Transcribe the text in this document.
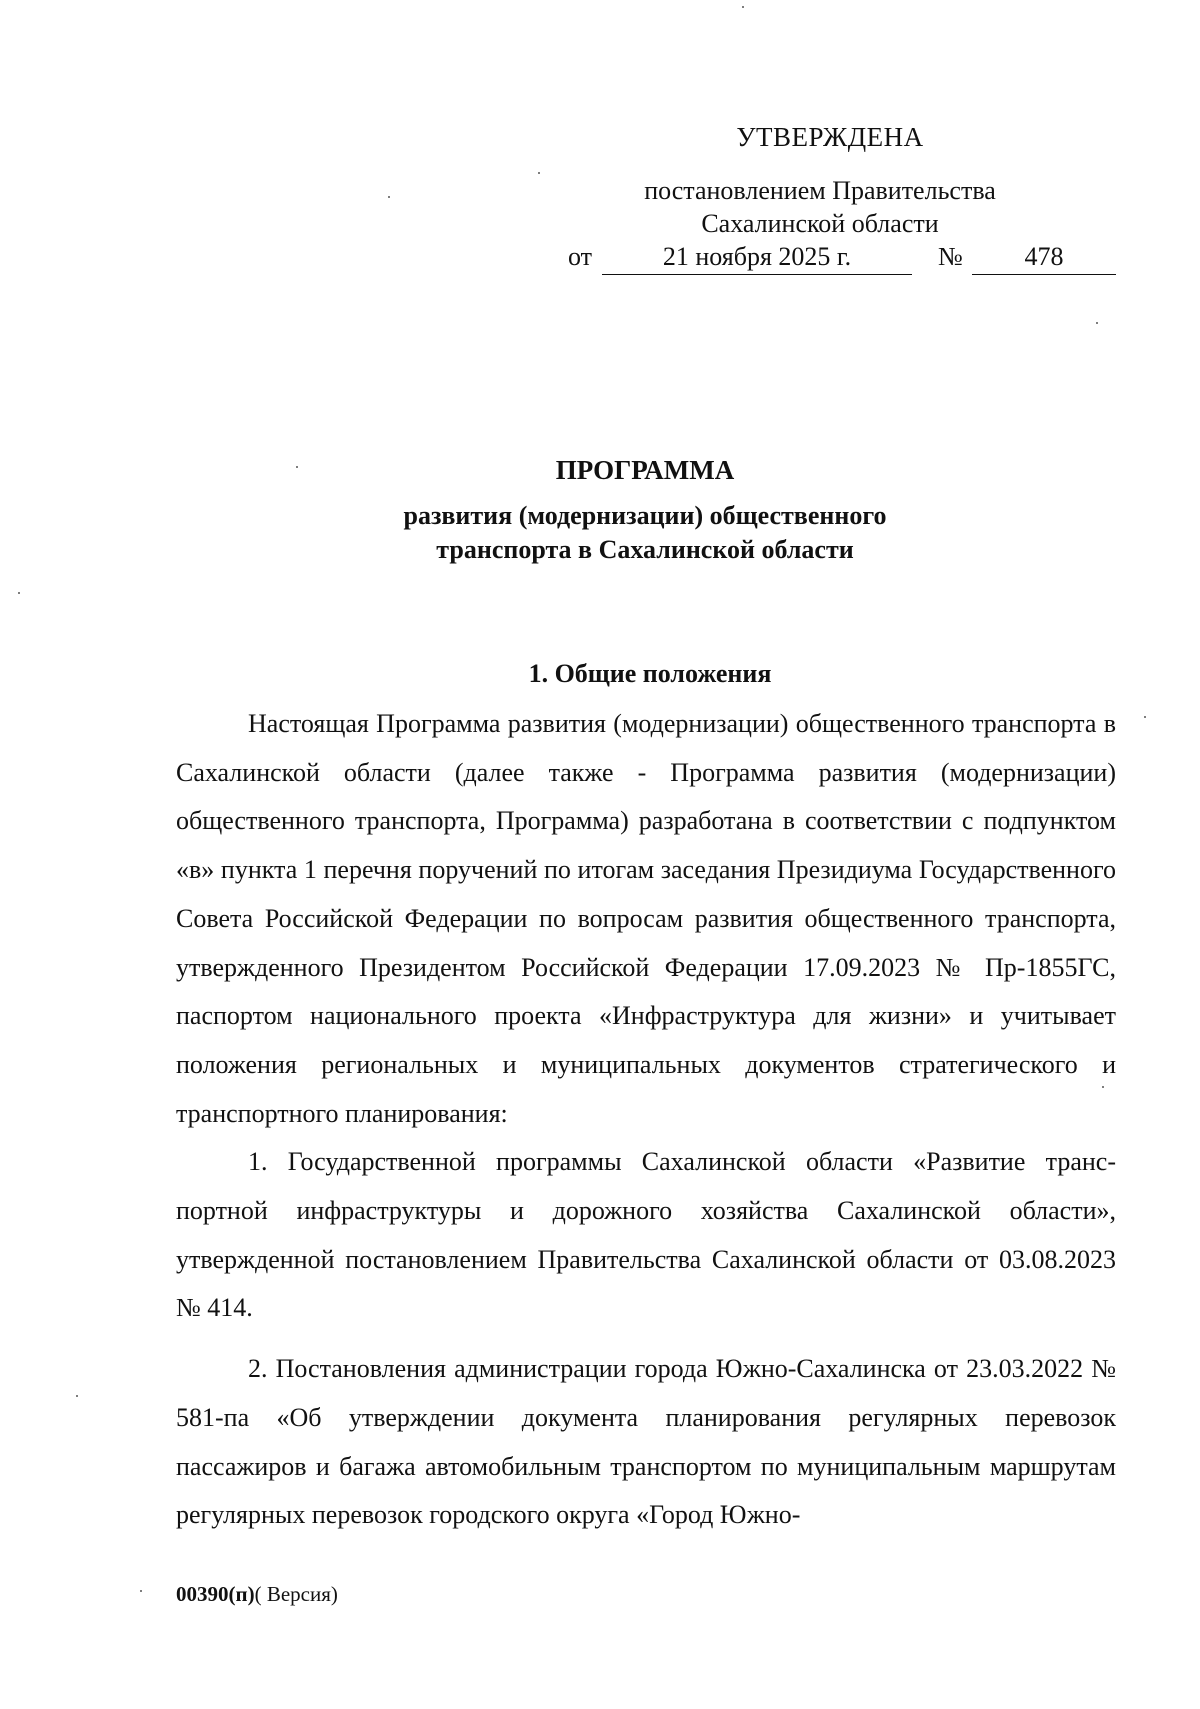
УТВЕРЖДЕНА
постановлением Правительства
Сахалинской области
от	21 ноября 2025 г.	№	478
ПРОГРАММА
развития (модернизации) общественного
транспорта в Сахалинской области
1. Общие положения

Настоящая Программа развития (модернизации) общественного транспорта в Сахалинской области (далее также - Программа развития (модернизации) общественного транспорта, Программа) разработана в соответствии с подпунктом «в» пункта 1 перечня поручений по итогам заседания Президиума Государственного Совета Российской Федерации по вопросам развития общественного транспорта, утвержденного Президентом Российской Федерации 17.09.2023 № Пр-1855ГС, паспортом национального проекта «Инфраструктура для жизни» и учитывает положения региональных и муниципальных документов стратегического и транспортного планирования:

1. Государственной программы Сахалинской области «Развитие транспортной инфраструктуры и дорожного хозяйства Сахалинской области», утвержденной постановлением Правительства Сахалинской области от 03.08.2023 № 414.

2. Постановления администрации города Южно-Сахалинска от 23.03.2022 № 581-па «Об утверждении документа планирования регулярных перевозок пассажиров и багажа автомобильным транспортом по муниципальным маршрутам регулярных перевозок городского округа «Город Южно-

00390(п)( Версия)
